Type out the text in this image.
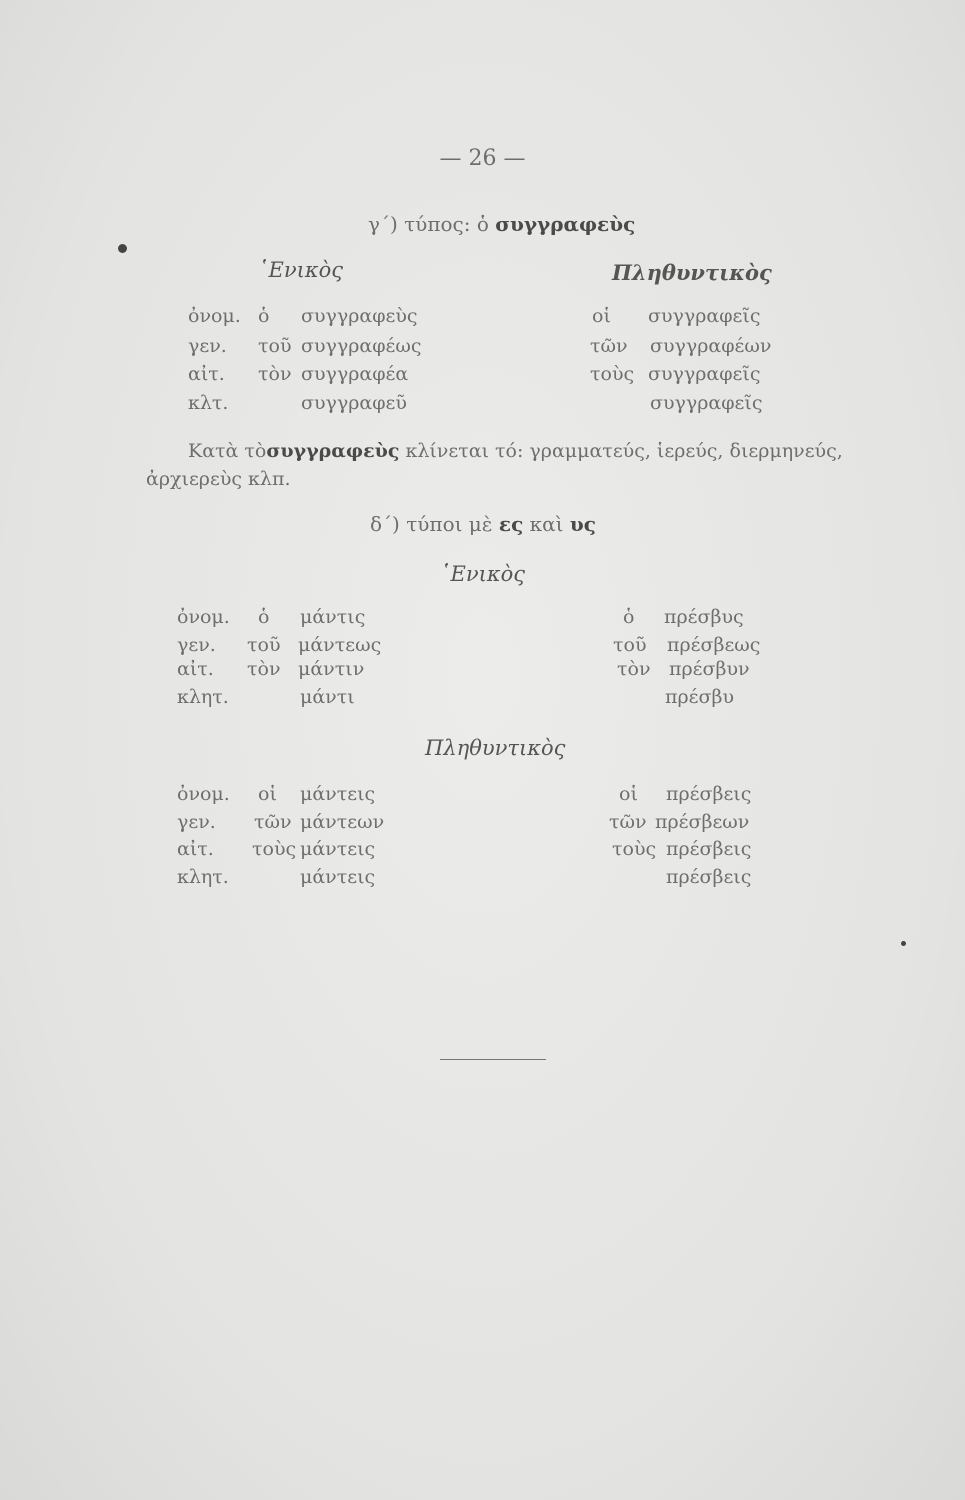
— 26 —
γ΄) τύπος: ὁ συγγραφεὺς
῾Ενικὸς	Πληθυντικὸς
ὀνομ. ὁ συγγραφεὺς	οἱ συγγραφεῖς
γεν. τοῦ συγγραφέως	τῶν συγγραφέων
αἰτ. τὸν συγγραφέα	τοὺς συγγραφεῖς
κλτ.	συγγραφεῦ	συγγραφεῖς
Κατὰ τὸσυγγραφεὺς κλίνεται τό: γραμματεύς, ἱερεύς, διερμηνεύς,
ἀρχιερεὺς κλπ.
δ΄) τύποι μὲ ες καὶ υς
῾Ενικὸς
ὀνομ. ὁ μάντις	ὁ πρέσβυς
γεν. τοῦ μάντεως	τοῦ πρέσβεως
αἰτ. τὸν μάντιν	τὸν πρέσβυν
κλητ.	μάντι	πρέσβυ
Πληθυντικὸς
ὀνομ. οἱ μάντεις	οἱ πρέσβεις
γεν. τῶν μάντεων	τῶν πρέσβεων
αἰτ. τοὺς μάντεις	τοὺς πρέσβεις
κλητ.	μάντεις	πρέσβεις
